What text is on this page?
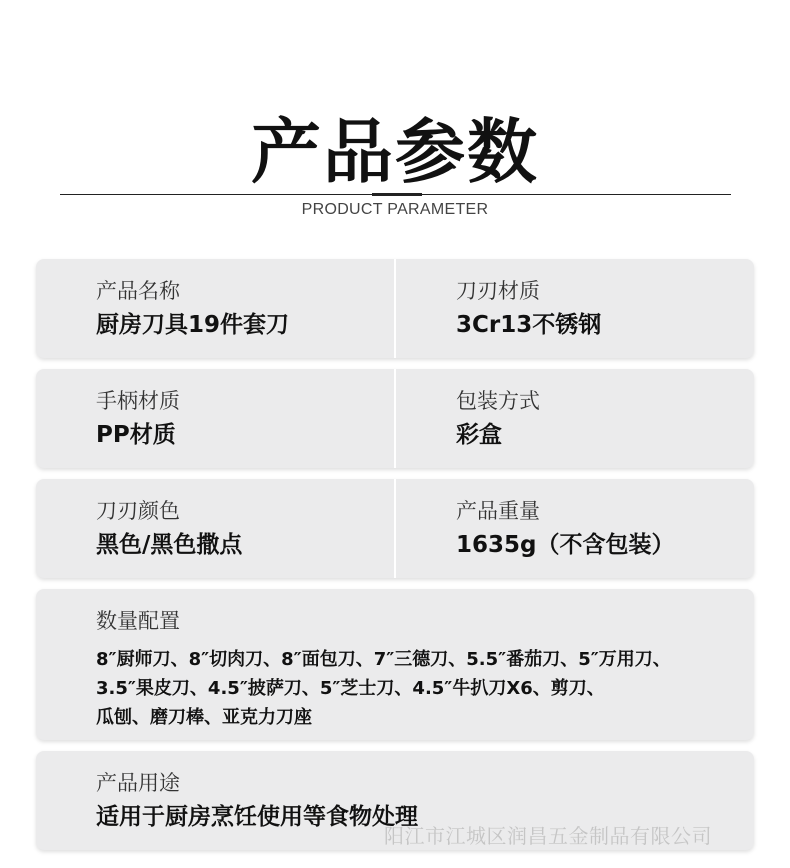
产品参数
PRODUCT PARAMETER
产品名称
厨房刀具19件套刀
刀刃材质
3Cr13不锈钢
手柄材质
PP材质
包装方式
彩盒
刀刃颜色
黑色/黑色撒点
产品重量
1635g（不含包装）
数量配置
8″厨师刀、8″切肉刀、8″面包刀、7″三德刀、5.5″番茄刀、5″万用刀、
3.5″果皮刀、4.5″披萨刀、5″芝士刀、4.5″牛扒刀X6、剪刀、
瓜刨、磨刀棒、亚克力刀座
产品用途
适用于厨房烹饪使用等食物处理
阳江市江城区润昌五金制品有限公司
